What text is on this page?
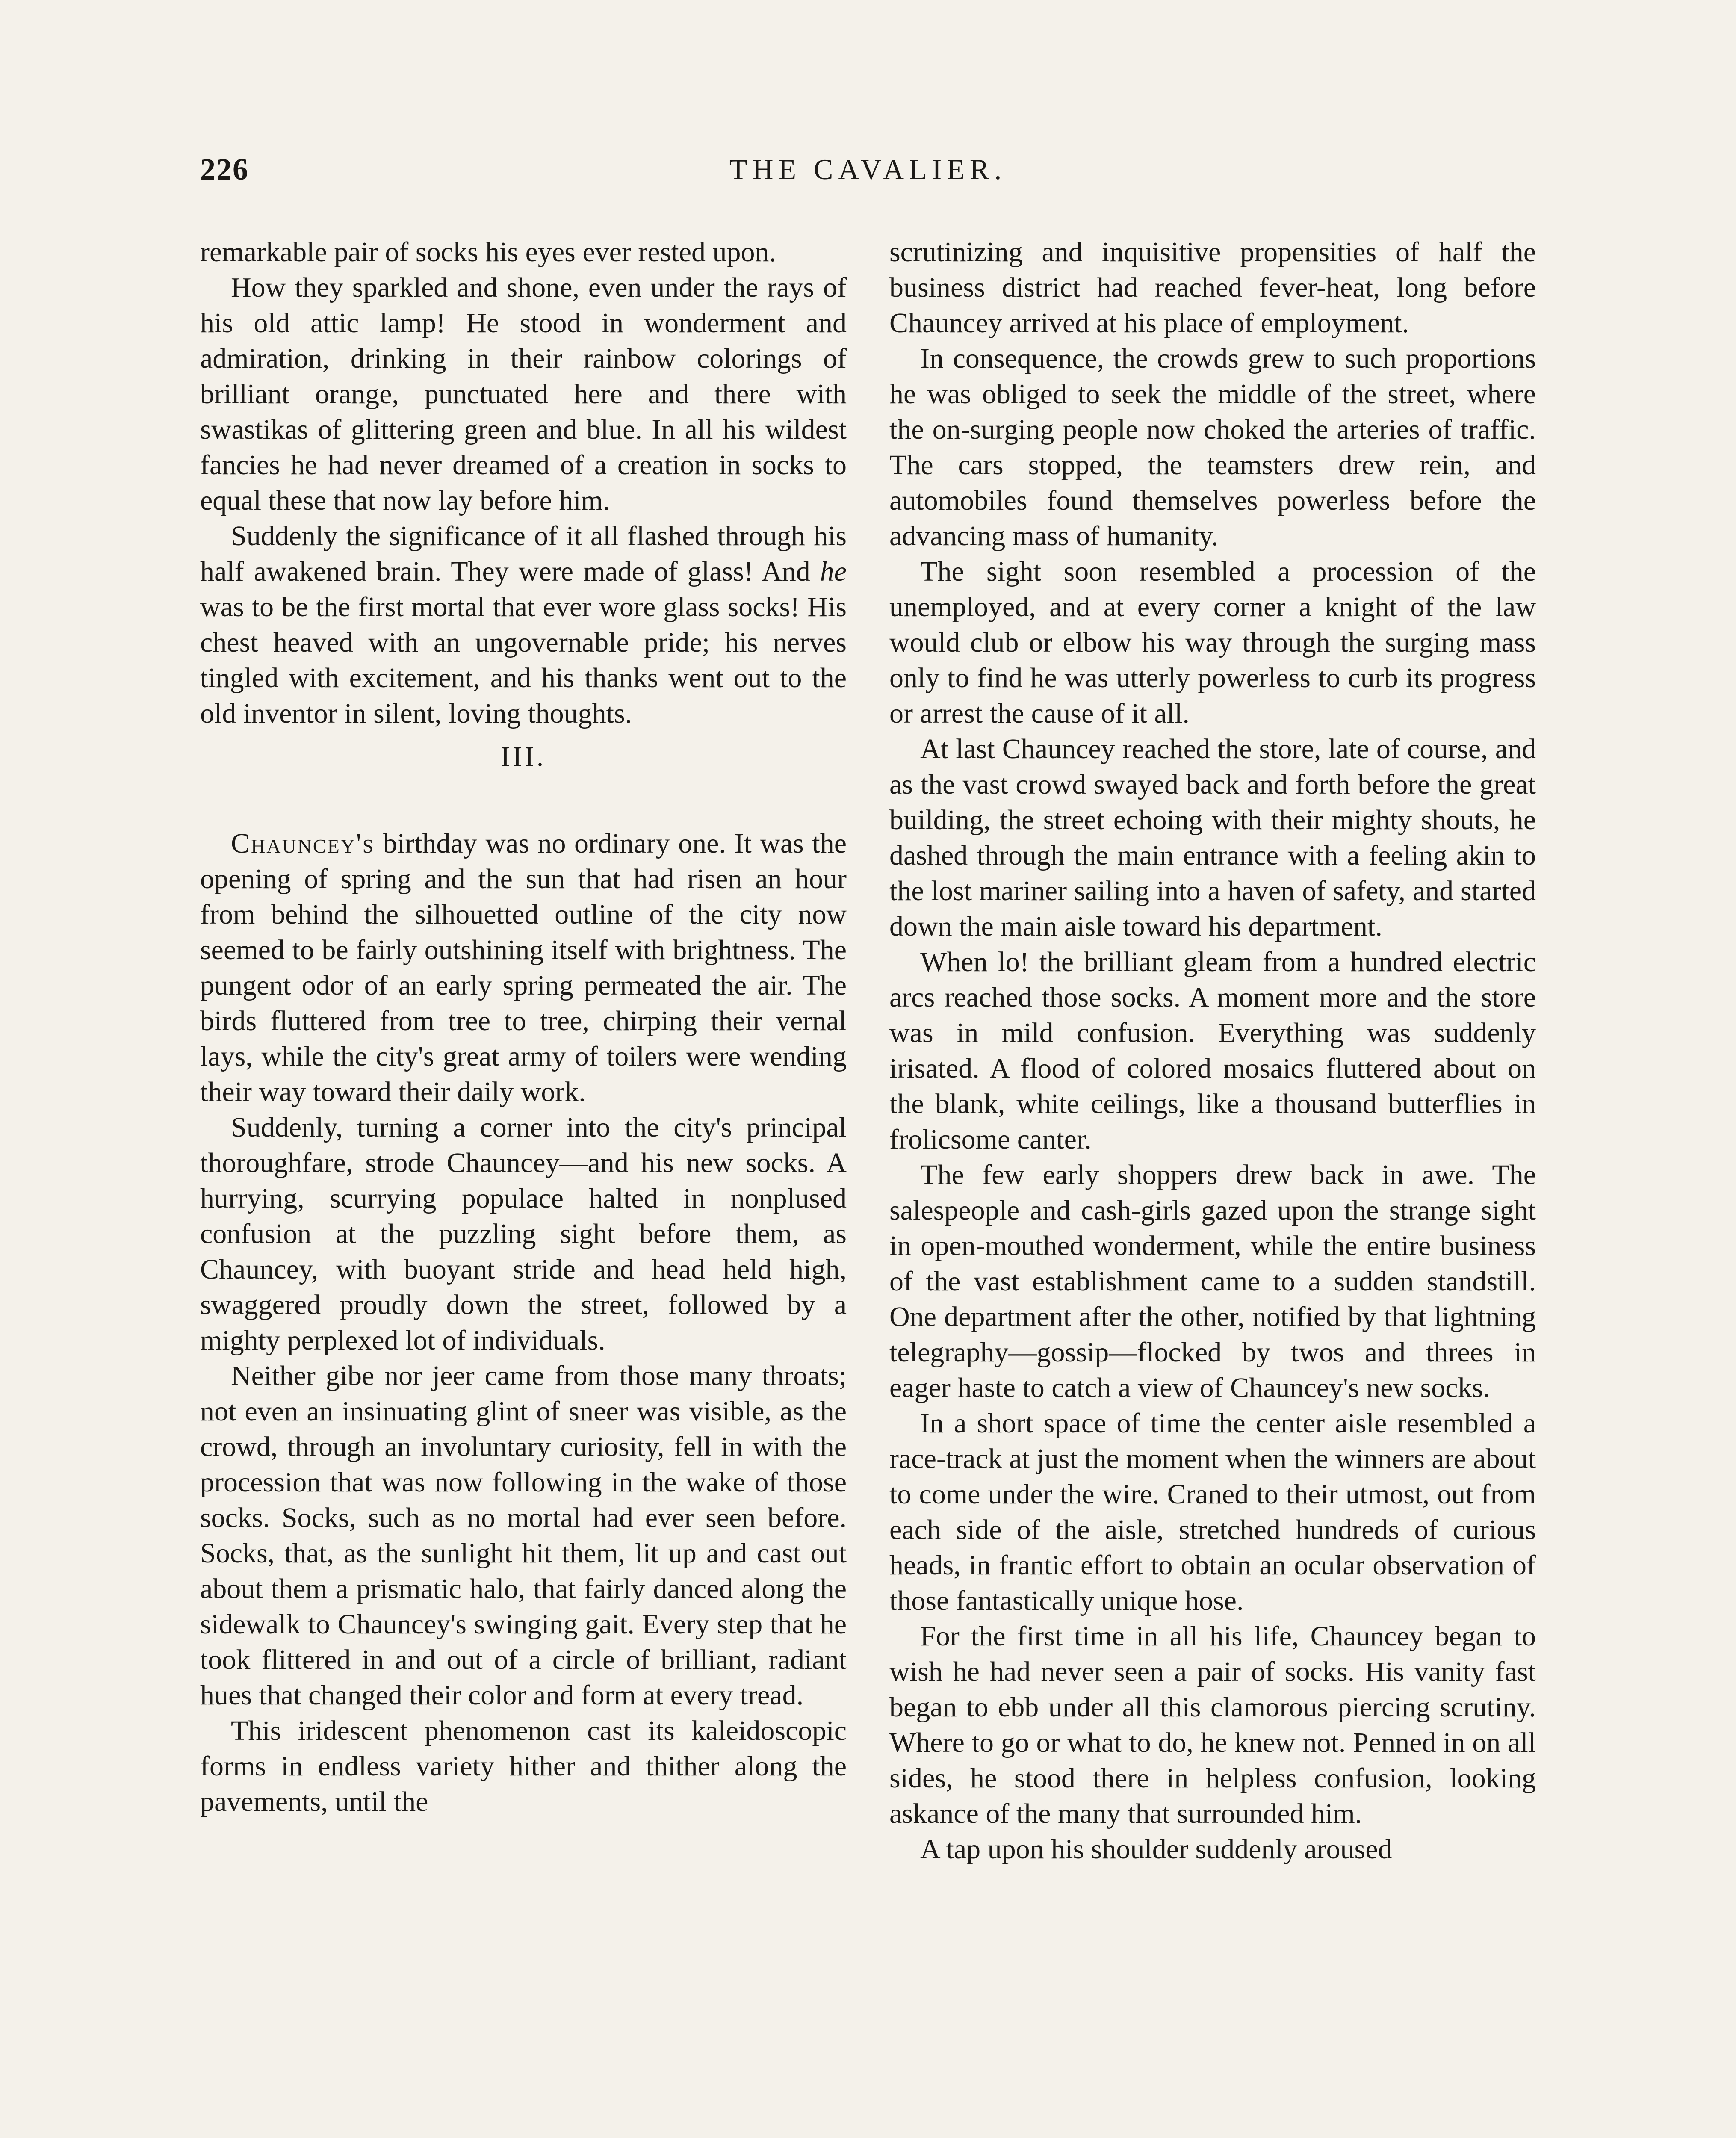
226	THE CAVALIER.

remarkable pair of socks his eyes ever rested upon.

How they sparkled and shone, even under the rays of his old attic lamp! He stood in wonderment and admiration, drinking in their rainbow colorings of brilliant orange, punctuated here and there with swastikas of glittering green and blue. In all his wildest fancies he had never dreamed of a creation in socks to equal these that now lay before him.

Suddenly the significance of it all flashed through his half awakened brain. They were made of glass! And he was to be the first mortal that ever wore glass socks! His chest heaved with an ungovernable pride; his nerves tingled with excitement, and his thanks went out to the old inventor in silent, loving thoughts.

III.

Chauncey's birthday was no ordinary one. It was the opening of spring and the sun that had risen an hour from behind the silhouetted outline of the city now seemed to be fairly outshining itself with brightness. The pungent odor of an early spring permeated the air. The birds fluttered from tree to tree, chirping their vernal lays, while the city's great army of toilers were wending their way toward their daily work.

Suddenly, turning a corner into the city's principal thoroughfare, strode Chauncey—and his new socks. A hurrying, scurrying populace halted in nonplused confusion at the puzzling sight before them, as Chauncey, with buoyant stride and head held high, swaggered proudly down the street, followed by a mighty perplexed lot of individuals.

Neither gibe nor jeer came from those many throats; not even an insinuating glint of sneer was visible, as the crowd, through an involuntary curiosity, fell in with the procession that was now following in the wake of those socks. Socks, such as no mortal had ever seen before. Socks, that, as the sunlight hit them, lit up and cast out about them a prismatic halo, that fairly danced along the sidewalk to Chauncey's swinging gait. Every step that he took flittered in and out of a circle of brilliant, radiant hues that changed their color and form at every tread.

This iridescent phenomenon cast its kaleidoscopic forms in endless variety hither and thither along the pavements, until the

scrutinizing and inquisitive propensities of half the business district had reached fever-heat, long before Chauncey arrived at his place of employment.

In consequence, the crowds grew to such proportions he was obliged to seek the middle of the street, where the on-surging people now choked the arteries of traffic. The cars stopped, the teamsters drew rein, and automobiles found themselves powerless before the advancing mass of humanity.

The sight soon resembled a procession of the unemployed, and at every corner a knight of the law would club or elbow his way through the surging mass only to find he was utterly powerless to curb its progress or arrest the cause of it all.

At last Chauncey reached the store, late of course, and as the vast crowd swayed back and forth before the great building, the street echoing with their mighty shouts, he dashed through the main entrance with a feeling akin to the lost mariner sailing into a haven of safety, and started down the main aisle toward his department.

When lo! the brilliant gleam from a hundred electric arcs reached those socks. A moment more and the store was in mild confusion. Everything was suddenly irisated. A flood of colored mosaics fluttered about on the blank, white ceilings, like a thousand butterflies in frolicsome canter.

The few early shoppers drew back in awe. The salespeople and cash-girls gazed upon the strange sight in open-mouthed wonderment, while the entire business of the vast establishment came to a sudden standstill. One department after the other, notified by that lightning telegraphy—gossip—flocked by twos and threes in eager haste to catch a view of Chauncey's new socks.

In a short space of time the center aisle resembled a race-track at just the moment when the winners are about to come under the wire. Craned to their utmost, out from each side of the aisle, stretched hundreds of curious heads, in frantic effort to obtain an ocular observation of those fantastically unique hose.

For the first time in all his life, Chauncey began to wish he had never seen a pair of socks. His vanity fast began to ebb under all this clamorous piercing scrutiny. Where to go or what to do, he knew not. Penned in on all sides, he stood there in helpless confusion, looking askance of the many that surrounded him.

A tap upon his shoulder suddenly aroused
